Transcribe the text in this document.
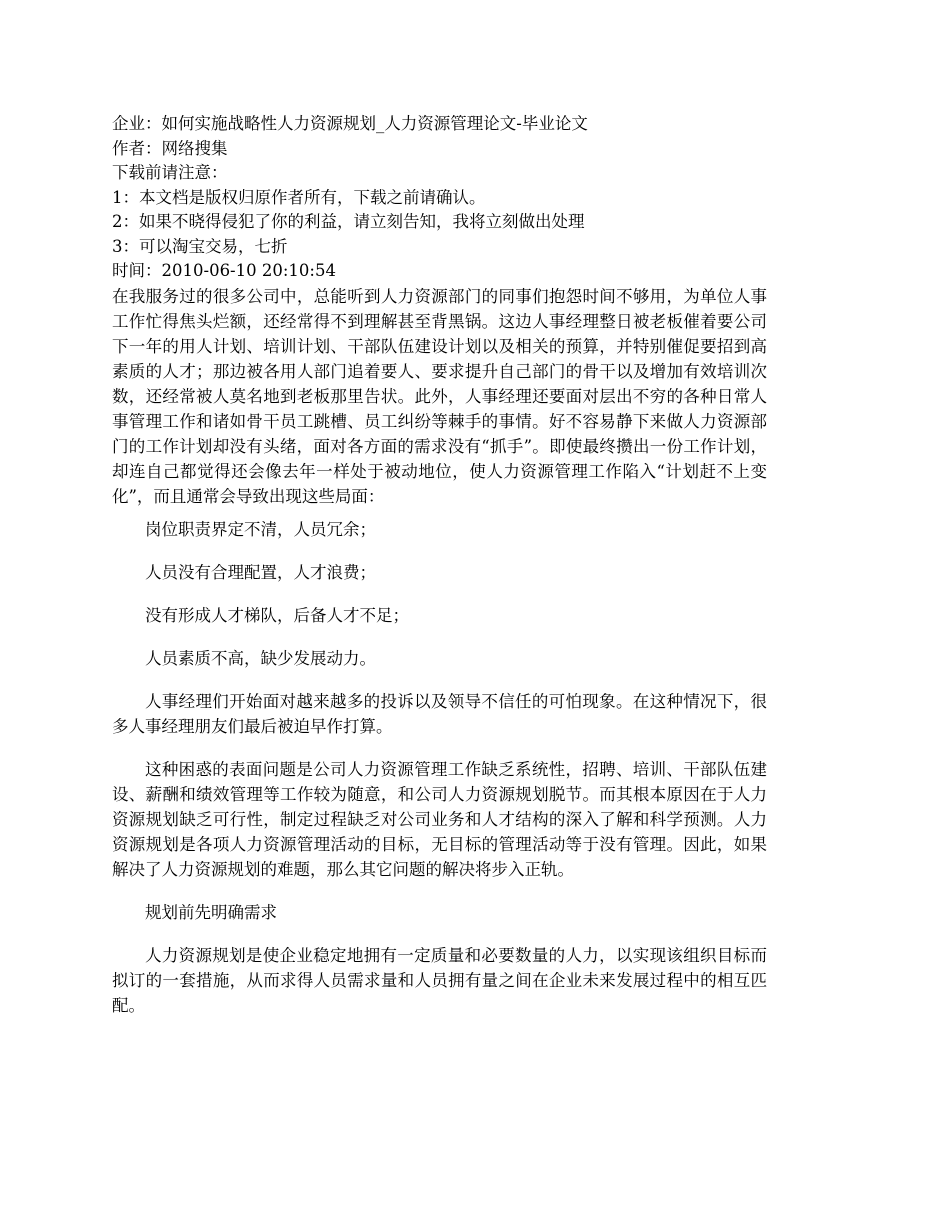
企业：如何实施战略性人力资源规划_人力资源管理论文-毕业论文
作者：网络搜集
下载前请注意：
1：本文档是版权归原作者所有，下载之前请确认。
2：如果不晓得侵犯了你的利益，请立刻告知，我将立刻做出处理
3：可以淘宝交易，七折
时间：2010-06-10 20:10:54

在我服务过的很多公司中，总能听到人力资源部门的同事们抱怨时间不够用，为单位人事工作忙得焦头烂额，还经常得不到理解甚至背黑锅。这边人事经理整日被老板催着要公司下一年的用人计划、培训计划、干部队伍建设计划以及相关的预算，并特别催促要招到高素质的人才；那边被各用人部门追着要人、要求提升自己部门的骨干以及增加有效培训次数，还经常被人莫名地到老板那里告状。此外，人事经理还要面对层出不穷的各种日常人事管理工作和诸如骨干员工跳槽、员工纠纷等棘手的事情。好不容易静下来做人力资源部门的工作计划却没有头绪，面对各方面的需求没有“抓手”。即使最终攒出一份工作计划，却连自己都觉得还会像去年一样处于被动地位，使人力资源管理工作陷入“计划赶不上变化”，而且通常会导致出现这些局面：

岗位职责界定不清，人员冗余；

人员没有合理配置，人才浪费；

没有形成人才梯队，后备人才不足；

人员素质不高，缺少发展动力。

人事经理们开始面对越来越多的投诉以及领导不信任的可怕现象。在这种情况下，很多人事经理朋友们最后被迫早作打算。

这种困惑的表面问题是公司人力资源管理工作缺乏系统性，招聘、培训、干部队伍建设、薪酬和绩效管理等工作较为随意，和公司人力资源规划脱节。而其根本原因在于人力资源规划缺乏可行性，制定过程缺乏对公司业务和人才结构的深入了解和科学预测。人力资源规划是各项人力资源管理活动的目标，无目标的管理活动等于没有管理。因此，如果解决了人力资源规划的难题，那么其它问题的解决将步入正轨。

规划前先明确需求

人力资源规划是使企业稳定地拥有一定质量和必要数量的人力，以实现该组织目标而拟订的一套措施，从而求得人员需求量和人员拥有量之间在企业未来发展过程中的相互匹配。
